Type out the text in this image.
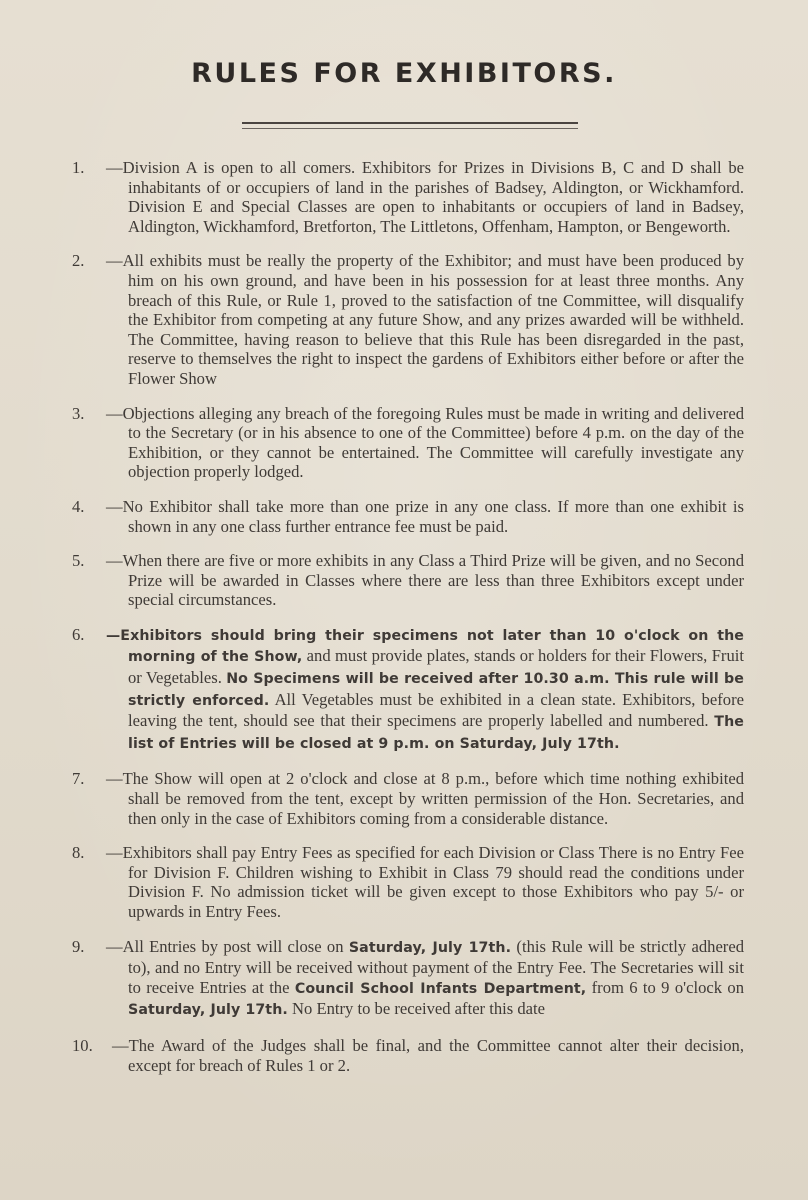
RULES FOR EXHIBITORS.

1. —Division A is open to all comers. Exhibitors for Prizes in Divisions B, C and D shall be inhabitants of or occupiers of land in the parishes of Badsey, Aldington, or Wickhamford. Division E and Special Classes are open to inhabitants or occupiers of land in Badsey, Aldington, Wickhamford, Bretforton, The Littletons, Offenham, Hampton, or Bengeworth.

2. —All exhibits must be really the property of the Exhibitor; and must have been produced by him on his own ground, and have been in his possession for at least three months. Any breach of this Rule, or Rule 1, proved to the satisfaction of tne Committee, will disqualify the Exhibitor from competing at any future Show, and any prizes awarded will be withheld. The Committee, having reason to believe that this Rule has been disregarded in the past, reserve to themselves the right to inspect the gardens of Exhibitors either before or after the Flower Show

3. —Objections alleging any breach of the foregoing Rules must be made in writing and delivered to the Secretary (or in his absence to one of the Committee) before 4 p.m. on the day of the Exhibition, or they cannot be entertained. The Committee will carefully investigate any objection properly lodged.

4. —No Exhibitor shall take more than one prize in any one class. If more than one exhibit is shown in any one class further entrance fee must be paid.

5. —When there are five or more exhibits in any Class a Third Prize will be given, and no Second Prize will be awarded in Classes where there are less than three Exhibitors except under special circumstances.

6. —Exhibitors should bring their specimens not later than 10 o'clock on the morning of the Show, and must provide plates, stands or holders for their Flowers, Fruit or Vegetables. No Specimens will be received after 10.30 a.m. This rule will be strictly enforced. All Vegetables must be exhibited in a clean state. Exhibitors, before leaving the tent, should see that their specimens are properly labelled and numbered. The list of Entries will be closed at 9 p.m. on Saturday, July 17th.

7. —The Show will open at 2 o'clock and close at 8 p.m., before which time nothing exhibited shall be removed from the tent, except by written permission of the Hon. Secretaries, and then only in the case of Exhibitors coming from a considerable distance.

8. —Exhibitors shall pay Entry Fees as specified for each Division or Class There is no Entry Fee for Division F. Children wishing to Exhibit in Class 79 should read the conditions under Division F. No admission ticket will be given except to those Exhibitors who pay 5/- or upwards in Entry Fees.

9. —All Entries by post will close on Saturday, July 17th. (this Rule will be strictly adhered to), and no Entry will be received without payment of the Entry Fee. The Secretaries will sit to receive Entries at the Council School Infants Department, from 6 to 9 o'clock on Saturday, July 17th. No Entry to be received after this date

10. —The Award of the Judges shall be final, and the Committee cannot alter their decision, except for breach of Rules 1 or 2.
